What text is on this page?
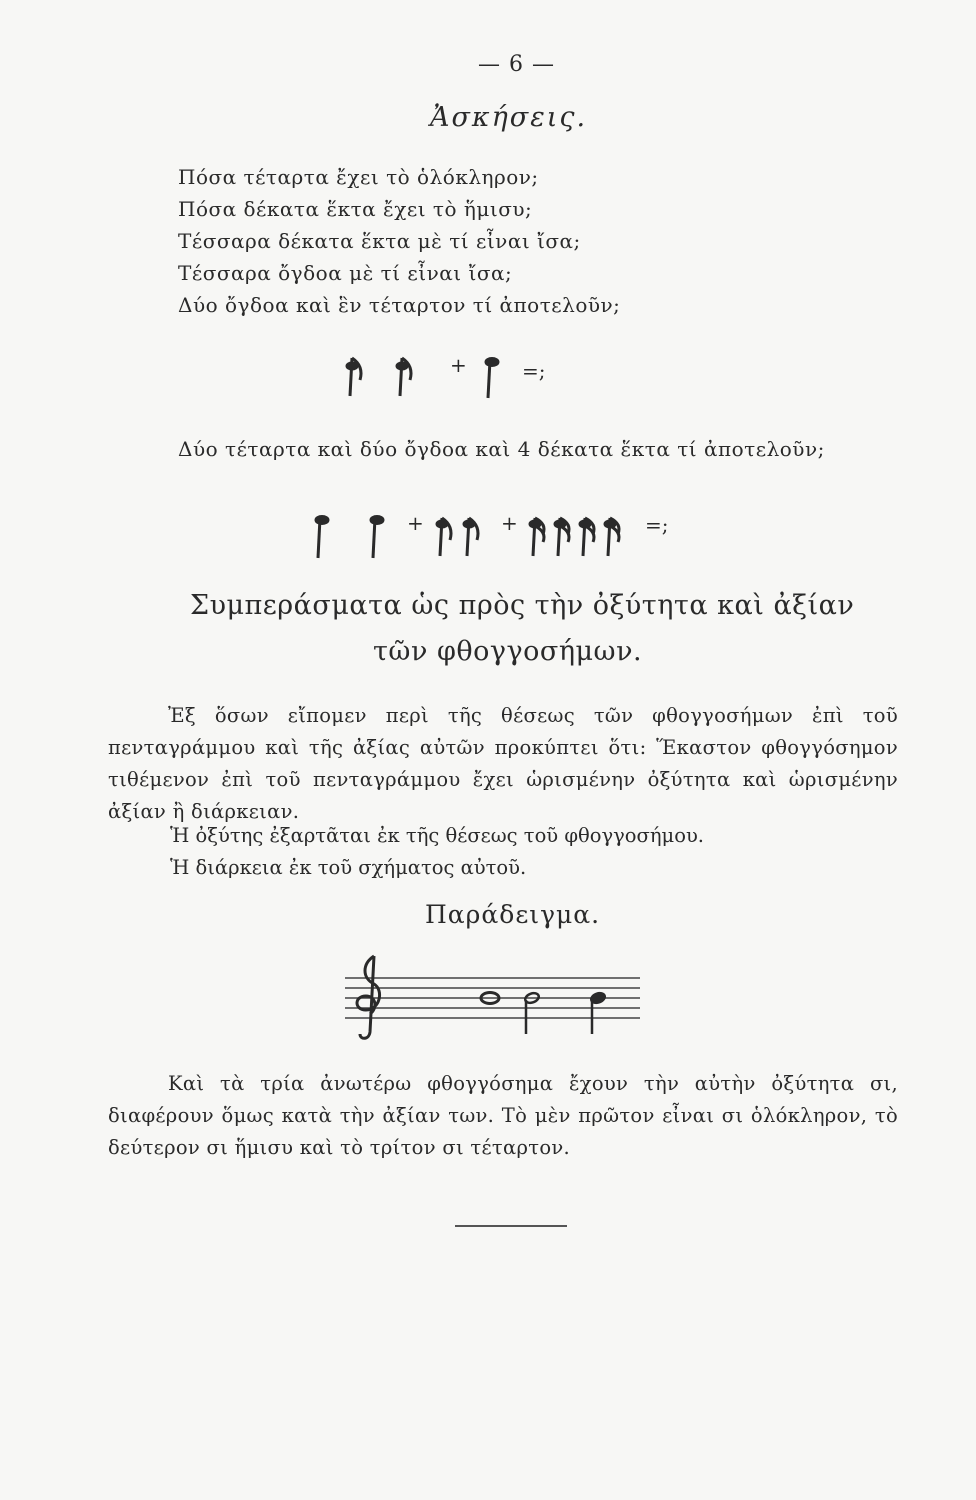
— 6 —
Ἀσκήσεις.
Πόσα τέταρτα ἔχει τὸ ὁλόκληρον;
Πόσα δέκατα ἕκτα ἔχει τὸ ἥμισυ;
Τέσσαρα δέκατα ἕκτα μὲ τί εἶναι ἴσα;
Τέσσαρα ὄγδοα μὲ τί εἶναι ἴσα;
Δύο ὄγδοα καὶ ἓν τέταρτον τί ἀποτελοῦν;
+	=;
Δύο τέταρτα καὶ δύο ὄγδοα καὶ 4 δέκατα ἕκτα τί ἀποτελοῦν;
+	+	=;
Συμπεράσματα ὡς πρὸς τὴν ὀξύτητα καὶ ἀξίαν
τῶν φθογγοσήμων.
Ἐξ ὅσων εἴπομεν περὶ τῆς θέσεως τῶν φθογγοσήμων ἐπὶ τοῦ πενταγράμμου καὶ τῆς ἀξίας αὐτῶν προκύπτει ὅτι: Ἕκαστον φθογγόσημον τιθέμενον ἐπὶ τοῦ πενταγράμμου ἔχει ὡρισμένην ὀξύτητα καὶ ὡρισμένην ἀξίαν ἢ διάρκειαν.
Ἡ ὀξύτης ἐξαρτᾶται ἐκ τῆς θέσεως τοῦ φθογγοσήμου.
Ἡ διάρκεια ἐκ τοῦ σχήματος αὐτοῦ.
Παράδειγμα.
Καὶ τὰ τρία ἀνωτέρω φθογγόσημα ἔχουν τὴν αὐτὴν ὀξύτητα σι, διαφέρουν ὅμως κατὰ τὴν ἀξίαν των. Τὸ μὲν πρῶτον εἶναι σι ὁλόκληρον, τὸ δεύτερον σι ἥμισυ καὶ τὸ τρίτον σι τέταρτον.
